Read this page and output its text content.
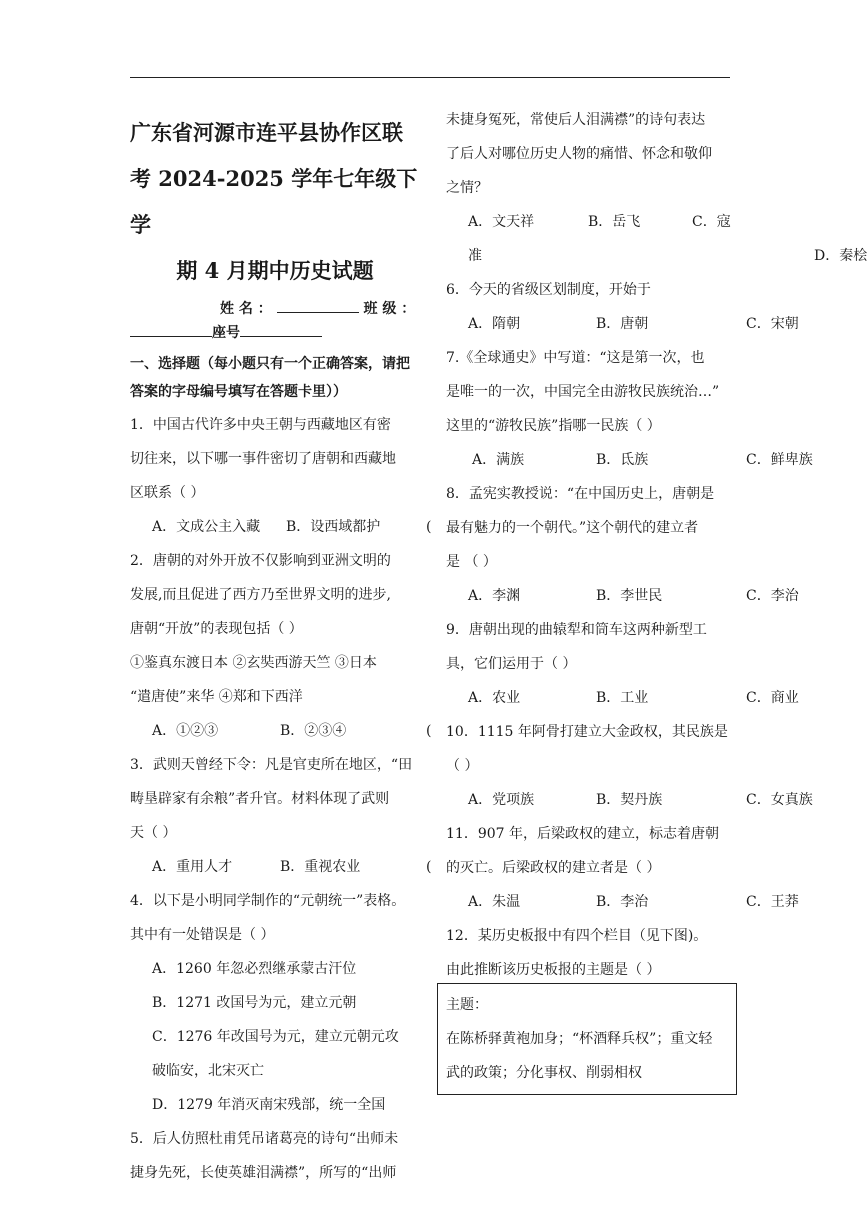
广东省河源市连平县协作区联
考 2024-2025 学年七年级下学
期 4 月期中历史试题
姓 名 ：	班 级 ：
座号
一、选择题（每小题只有一个正确答案，请把答案的字母编号填写在答题卡里））

1．中国古代许多中央王朝与西藏地区有密

切往来，以下哪一事件密切了唐朝和西藏地

区联系（ ）

A．文成公主入藏 B．设西域都护	(

2．唐朝的对外开放不仅影响到亚洲文明的

发展,而且促进了西方乃至世界文明的进步,

唐朝“开放”的表现包括（ ）

①鉴真东渡日本 ②玄奘西游天竺 ③日本

“遣唐使”来华 ④郑和下西洋

A．①②③	B．②③④	(

3．武则天曾经下令：凡是官吏所在地区，“田

畴垦辟家有余粮”者升官。材料体现了武则

天（ ）

A．重用人才	B．重视农业	(

4．以下是小明同学制作的“元朝统一”表格。

其中有一处错误是（ ）

A．1260 年忽必烈继承蒙古汗位

B．1271 改国号为元，建立元朝

C．1276 年改国号为元，建立元朝元攻

破临安，北宋灭亡

D．1279 年消灭南宋残部，统一全国

5．后人仿照杜甫凭吊诸葛亮的诗句“出师未

捷身先死，长使英雄泪满襟”，所写的“出师

未捷身冤死，常使后人泪满襟”的诗句表达

了后人对哪位历史人物的痛惜、怀念和敬仰

之情？

A．文天祥	B．岳飞	C．寇
准	D．秦桧

6．今天的省级区划制度，开始于

A．隋朝	B．唐朝	C．宋朝

7.《全球通史》中写道：“这是第一次，也

是唯一的一次，中国完全由游牧民族统治…”

这里的“游牧民族”指哪一民族（ ）

A．满族	B．氐族	C．鲜卑族

8．孟宪实教授说：“在中国历史上，唐朝是

最有魅力的一个朝代。”这个朝代的建立者

是 （ ）

A．李渊	B．李世民	C．李治

9．唐朝出现的曲辕犁和筒车这两种新型工

具，它们运用于（ ）

A．农业	B．工业	C．商业

10．1115 年阿骨打建立大金政权，其民族是

（ ）

A．党项族	B．契丹族	C．女真族

11．907 年，后梁政权的建立，标志着唐朝

的灭亡。后梁政权的建立者是（ ）

A．朱温	B．李治	C．王莽

12．某历史板报中有四个栏目（见下图)。

由此推断该历史板报的主题是（ ）

主题：

在陈桥驿黄袍加身；“杯酒释兵权”；重文轻

武的政策；分化事权、削弱相权
